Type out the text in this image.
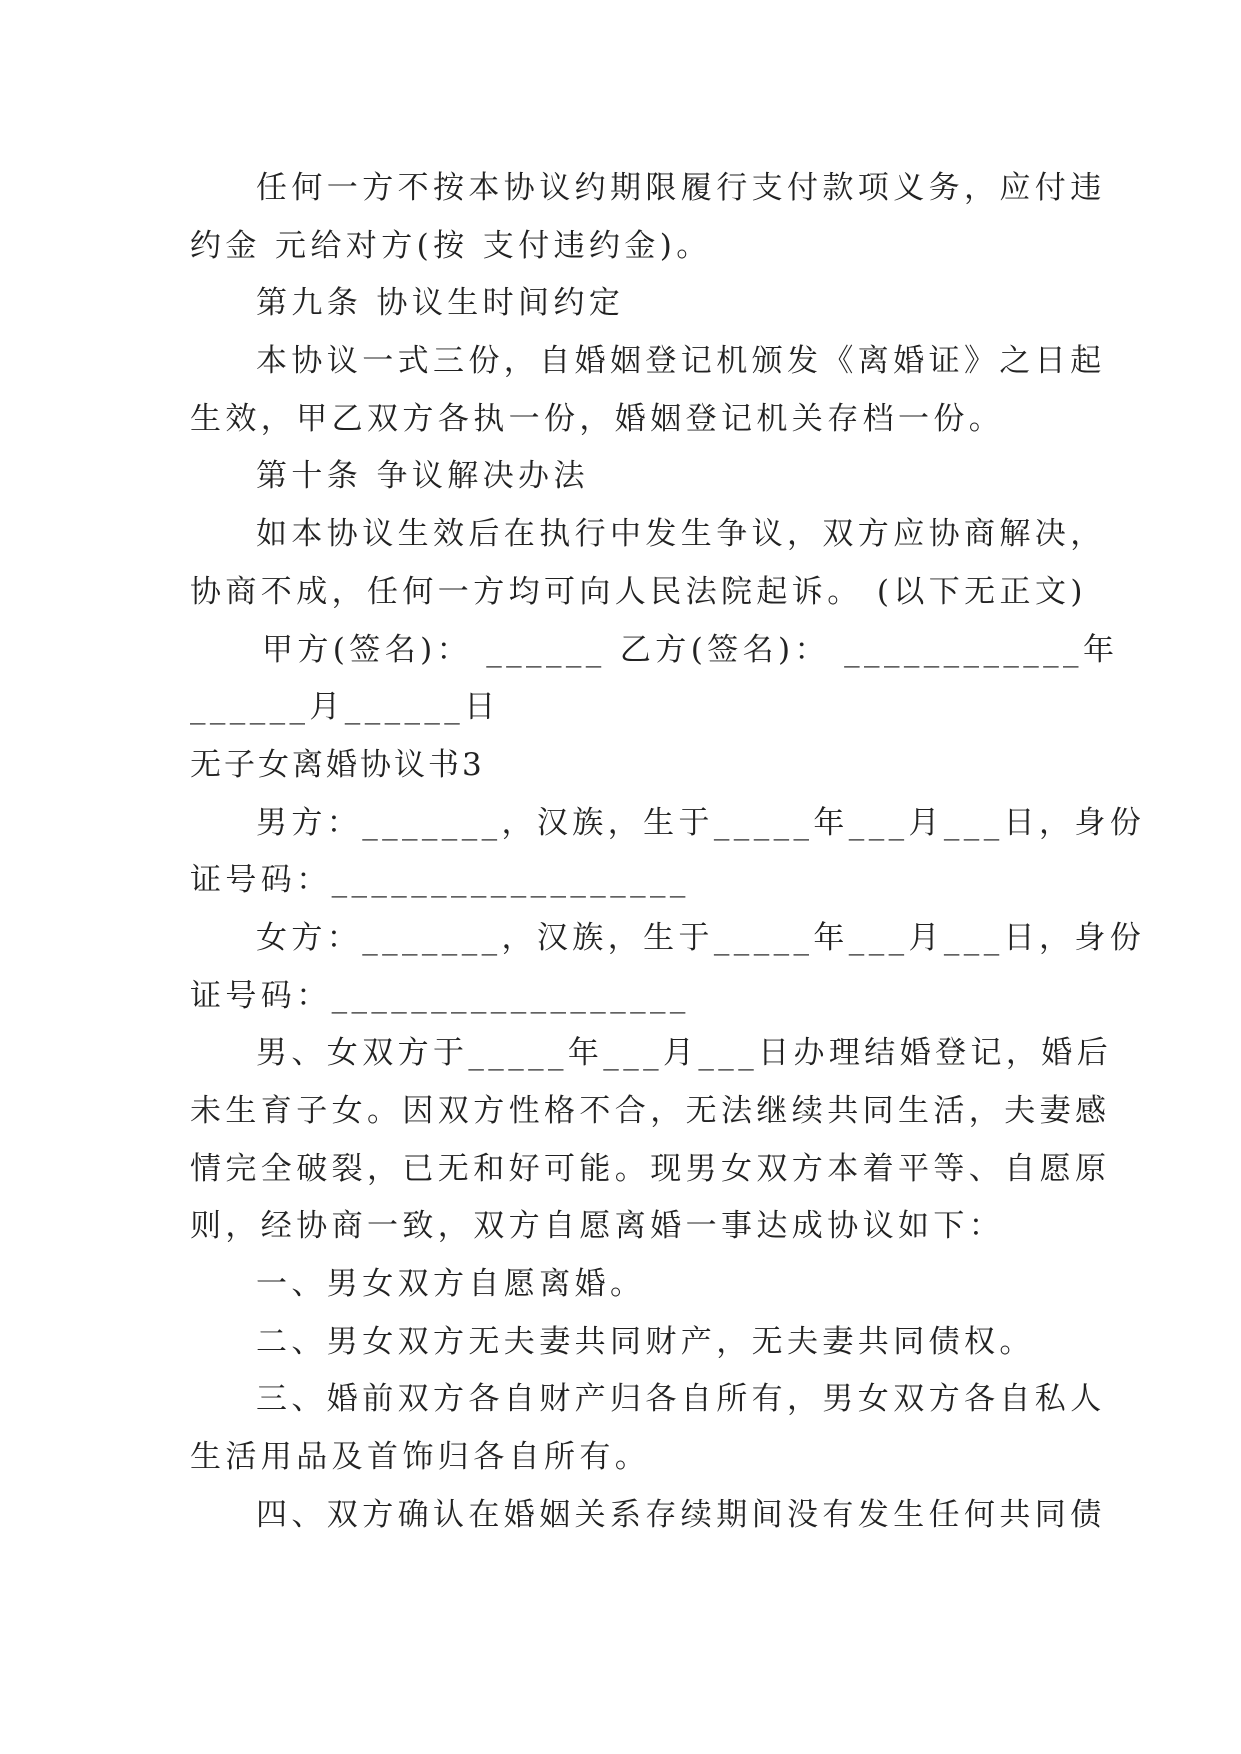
任何一方不按本协议约期限履行支付款项义务，应付违
约金 元给对方(按 支付违约金)。
第九条 协议生时间约定
本协议一式三份，自婚姻登记机颁发《离婚证》之日起
生效，甲乙双方各执一份，婚姻登记机关存档一份。
第十条 争议解决办法
如本协议生效后在执行中发生争议，双方应协商解决，
协商不成，任何一方均可向人民法院起诉。 (以下无正文)
甲方(签名)： ______ 乙方(签名)： ____________年
______月______日
无子女离婚协议书3
男方：_______，汉族，生于_____年___月___日，身份
证号码：__________________
女方：_______，汉族，生于_____年___月___日，身份
证号码：__________________
男、女双方于_____年___月___日办理结婚登记，婚后
未生育子女。因双方性格不合，无法继续共同生活，夫妻感
情完全破裂，已无和好可能。现男女双方本着平等、自愿原
则，经协商一致，双方自愿离婚一事达成协议如下：
一、男女双方自愿离婚。
二、男女双方无夫妻共同财产，无夫妻共同债权。
三、婚前双方各自财产归各自所有，男女双方各自私人
生活用品及首饰归各自所有。
四、双方确认在婚姻关系存续期间没有发生任何共同债
